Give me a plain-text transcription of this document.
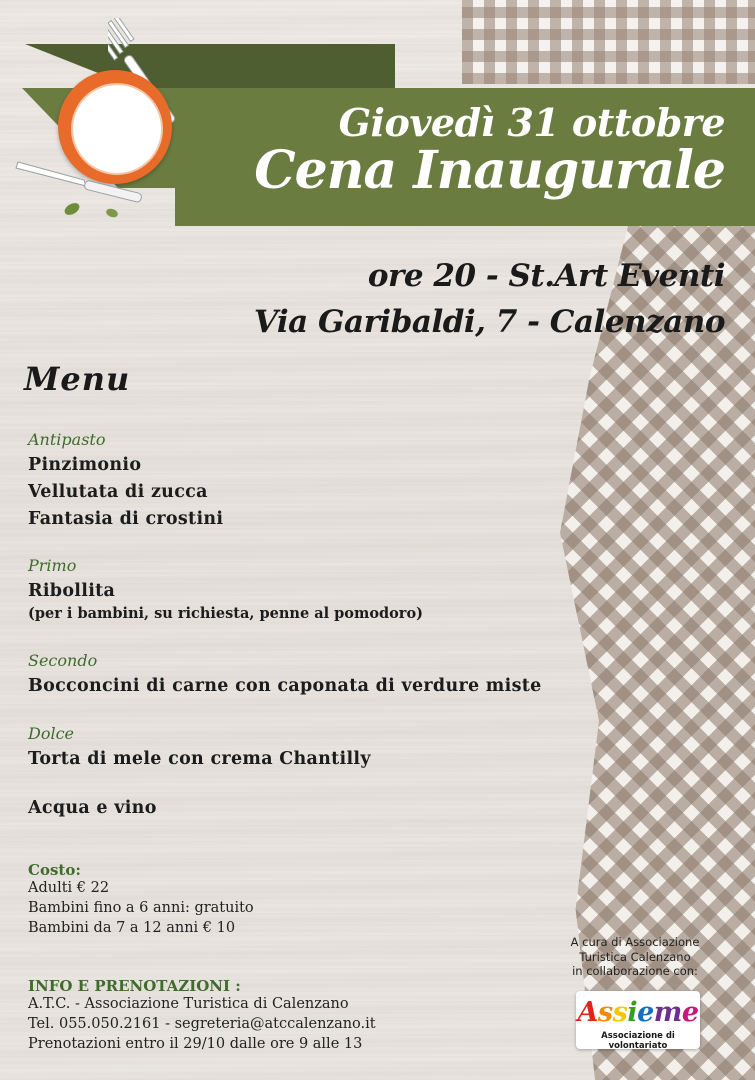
Giovedì 31 ottobre
Cena Inaugurale
ore 20 - St.Art Eventi
Via Garibaldi, 7 - Calenzano
Menu
Antipasto
Pinzimonio
Vellutata di zucca
Fantasia di crostini
Primo
Ribollita
(per i bambini, su richiesta, penne al pomodoro)
Secondo
Bocconcini di carne con caponata di verdure miste
Dolce
Torta di mele con crema Chantilly
Acqua e vino
Costo:
Adulti € 22
Bambini fino a 6 anni: gratuito
Bambini da 7 a 12 anni € 10
INFO E PRENOTAZIONI :
A.T.C. - Associazione Turistica di Calenzano
Tel. 055.050.2161 - segreteria@atccalenzano.it
Prenotazioni entro il 29/10 dalle ore 9 alle 13
A cura di Associazione
Turistica Calenzano
in collaborazione con:
Assieme
Associazione di volontariato
